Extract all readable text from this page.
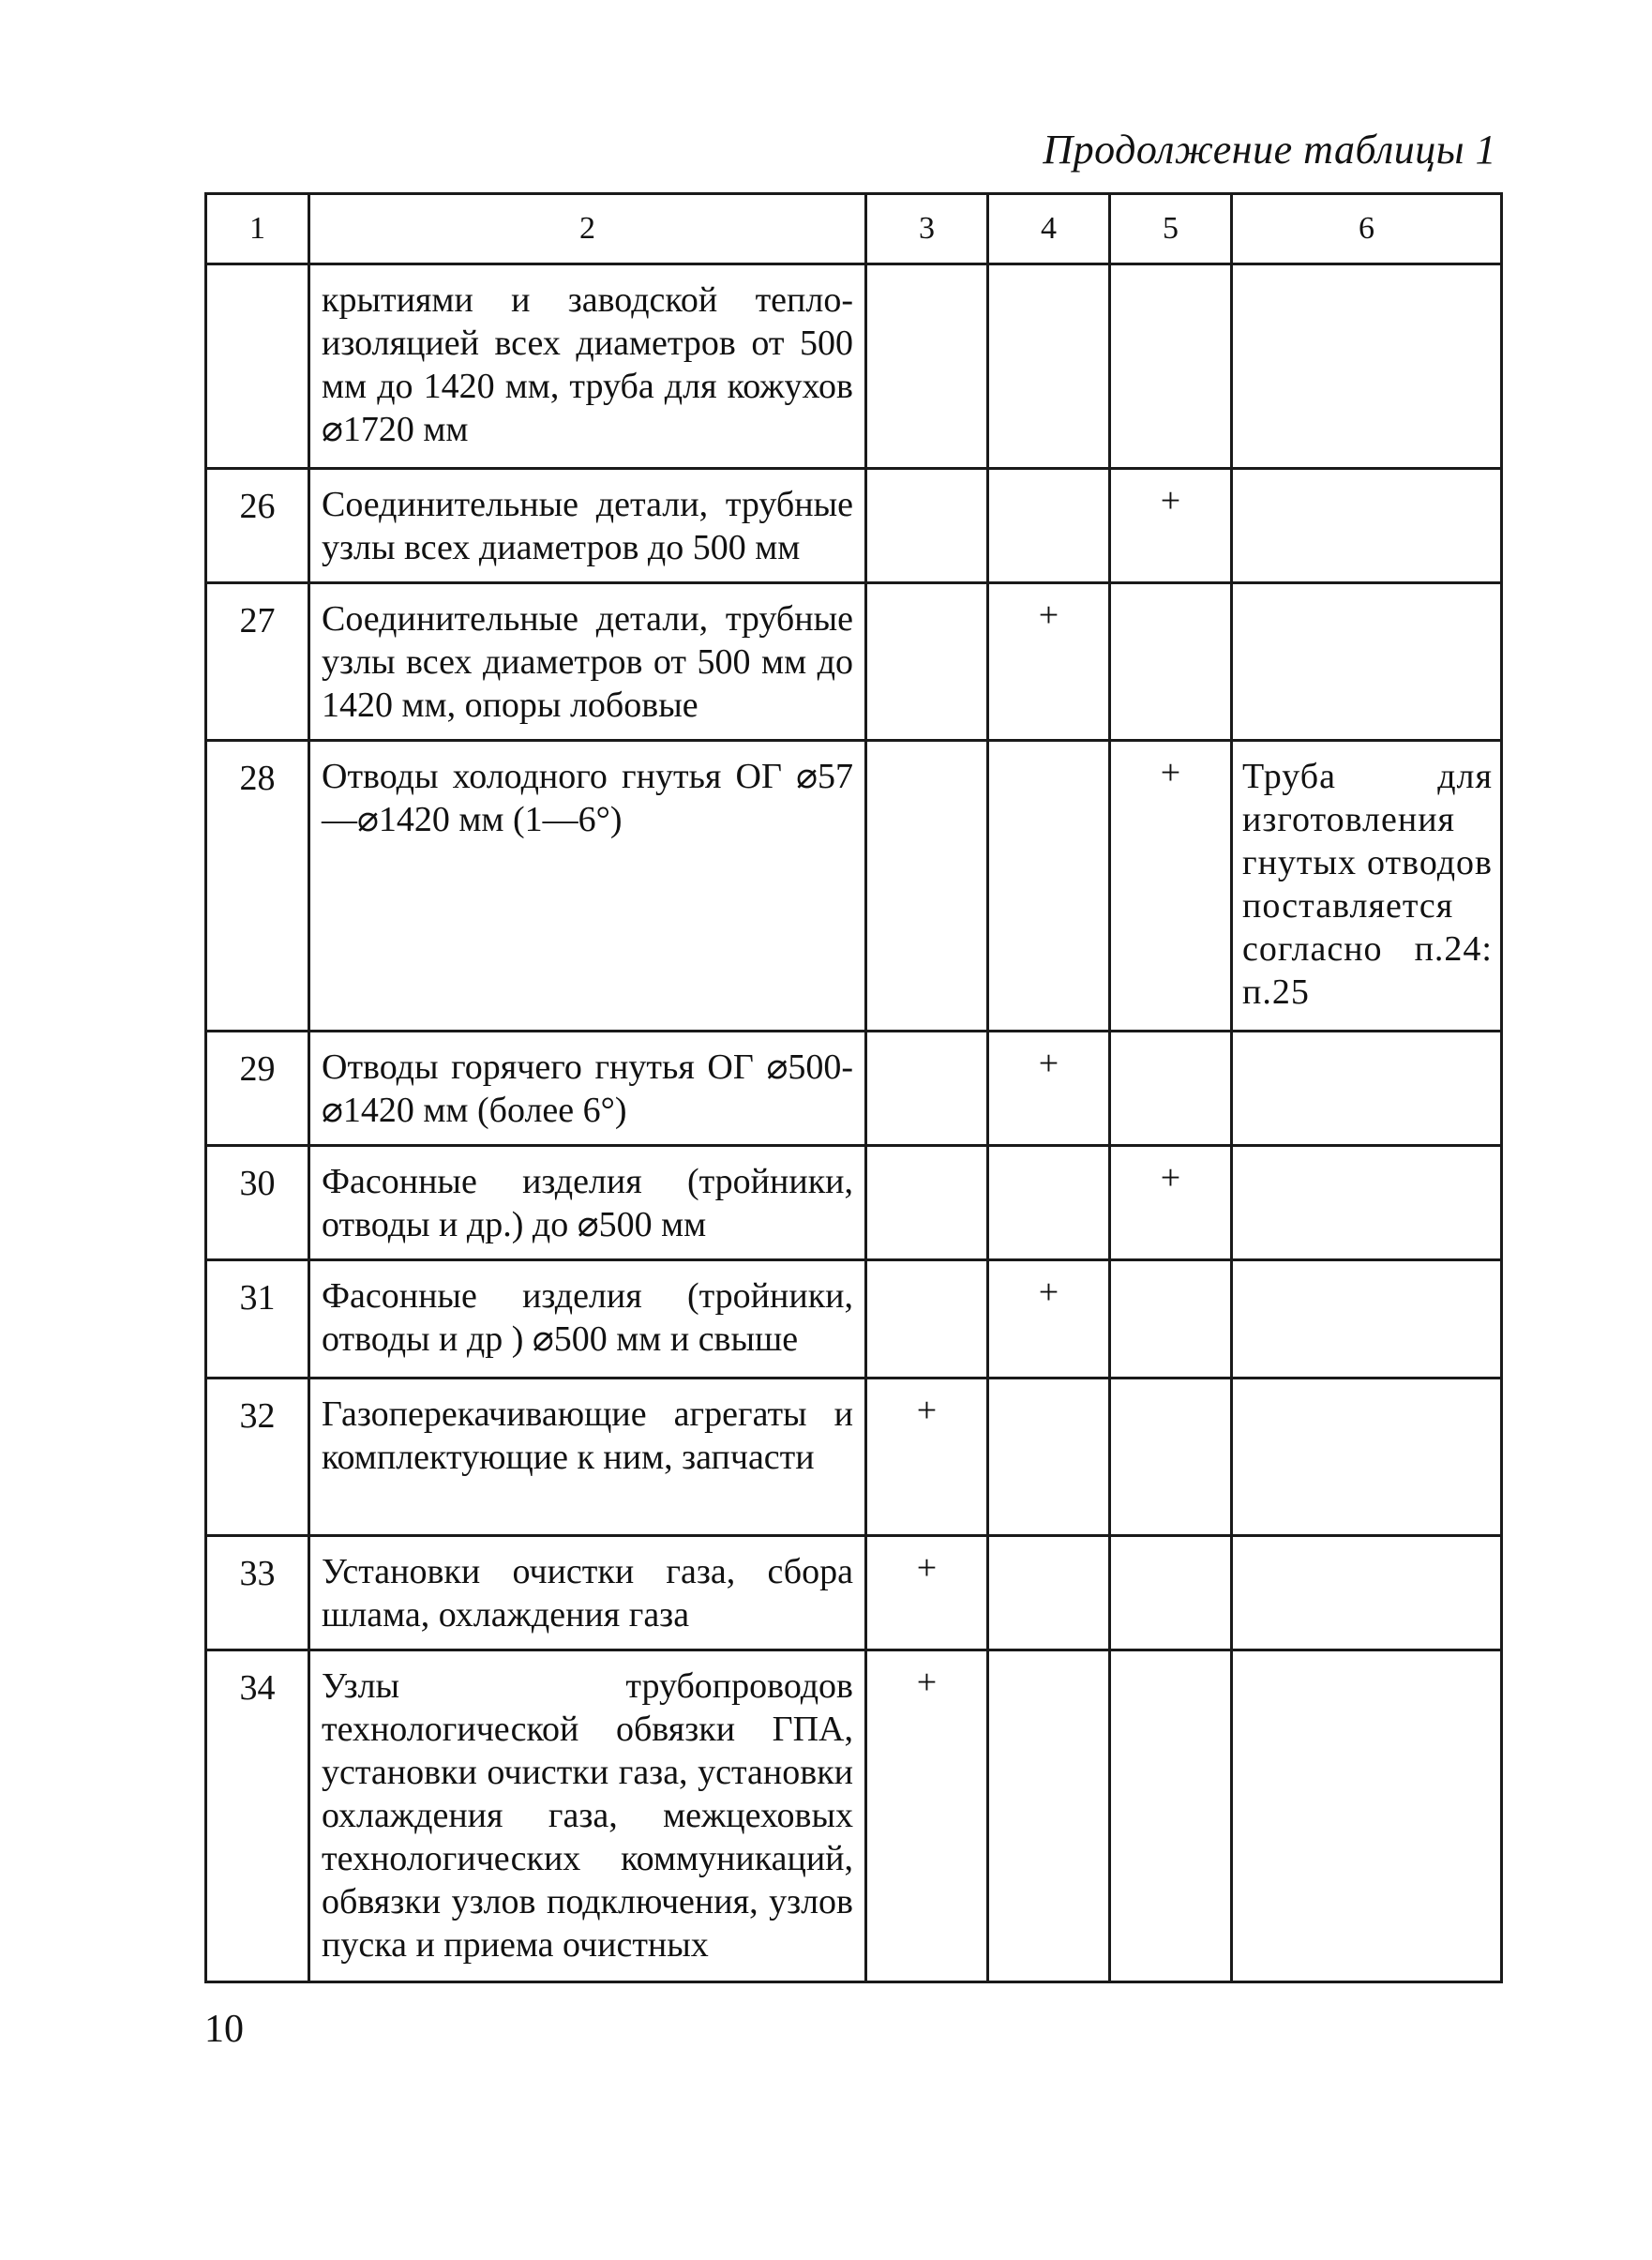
Продолжение таблицы 1
1	2	3	4	5	6
	крытиями и заводской тепло-изоляцией всех диаметров от 500 мм до 1420 мм, труба для кожухов ⌀1720 мм				
26	Соединительные детали, трубные узлы всех диаметров до 500 мм			+	
27	Соединительные детали, трубные узлы всех диаметров от 500 мм до 1420 мм, опоры лобовые		+		
28	Отводы холодного гнутья ОГ ⌀57—⌀1420 мм (1—6°)			+	Труба для изготовления гнутых отводов поставляется согласно п.24: п.25
29	Отводы горячего гнутья ОГ ⌀500-⌀1420 мм (более 6°)		+		
30	Фасонные изделия (тройники, отводы и др.) до ⌀500 мм			+	
31	Фасонные изделия (тройники, отводы и др ) ⌀500 мм и свыше		+		
32	Газоперекачивающие агрегаты и комплектующие к ним, запчасти	+			
33	Установки очистки газа, сбора шлама, охлаждения газа	+			
34	Узлы трубопроводов технологической обвязки ГПА, установки очистки газа, установки охлаждения газа, межцеховых технологических коммуникаций, обвязки узлов подключения, узлов пуска и приема очистных	+			
10
